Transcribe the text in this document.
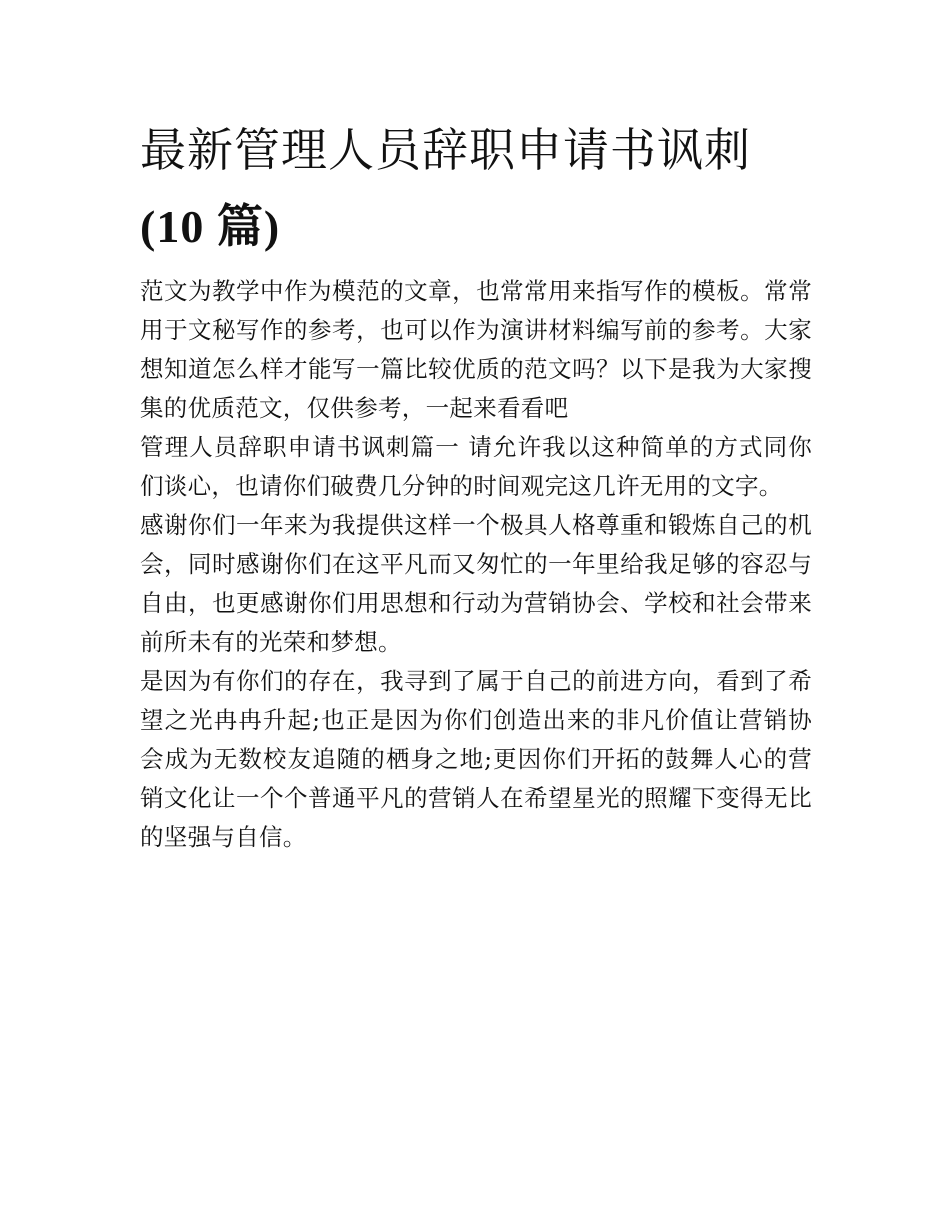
最新管理人员辞职申请书讽刺
(10 篇)

范文为教学中作为模范的文章，也常常用来指写作的模板。常常用于文秘写作的参考，也可以作为演讲材料编写前的参考。大家想知道怎么样才能写一篇比较优质的范文吗？以下是我为大家搜集的优质范文，仅供参考，一起来看看吧

管理人员辞职申请书讽刺篇一 请允许我以这种简单的方式同你们谈心，也请你们破费几分钟的时间观完这几许无用的文字。

感谢你们一年来为我提供这样一个极具人格尊重和锻炼自己的机会，同时感谢你们在这平凡而又匆忙的一年里给我足够的容忍与自由，也更感谢你们用思想和行动为营销协会、学校和社会带来前所未有的光荣和梦想。

是因为有你们的存在，我寻到了属于自己的前进方向，看到了希望之光冉冉升起;也正是因为你们创造出来的非凡价值让营销协会成为无数校友追随的栖身之地;更因你们开拓的鼓舞人心的营销文化让一个个普通平凡的营销人在希望星光的照耀下变得无比的坚强与自信。
